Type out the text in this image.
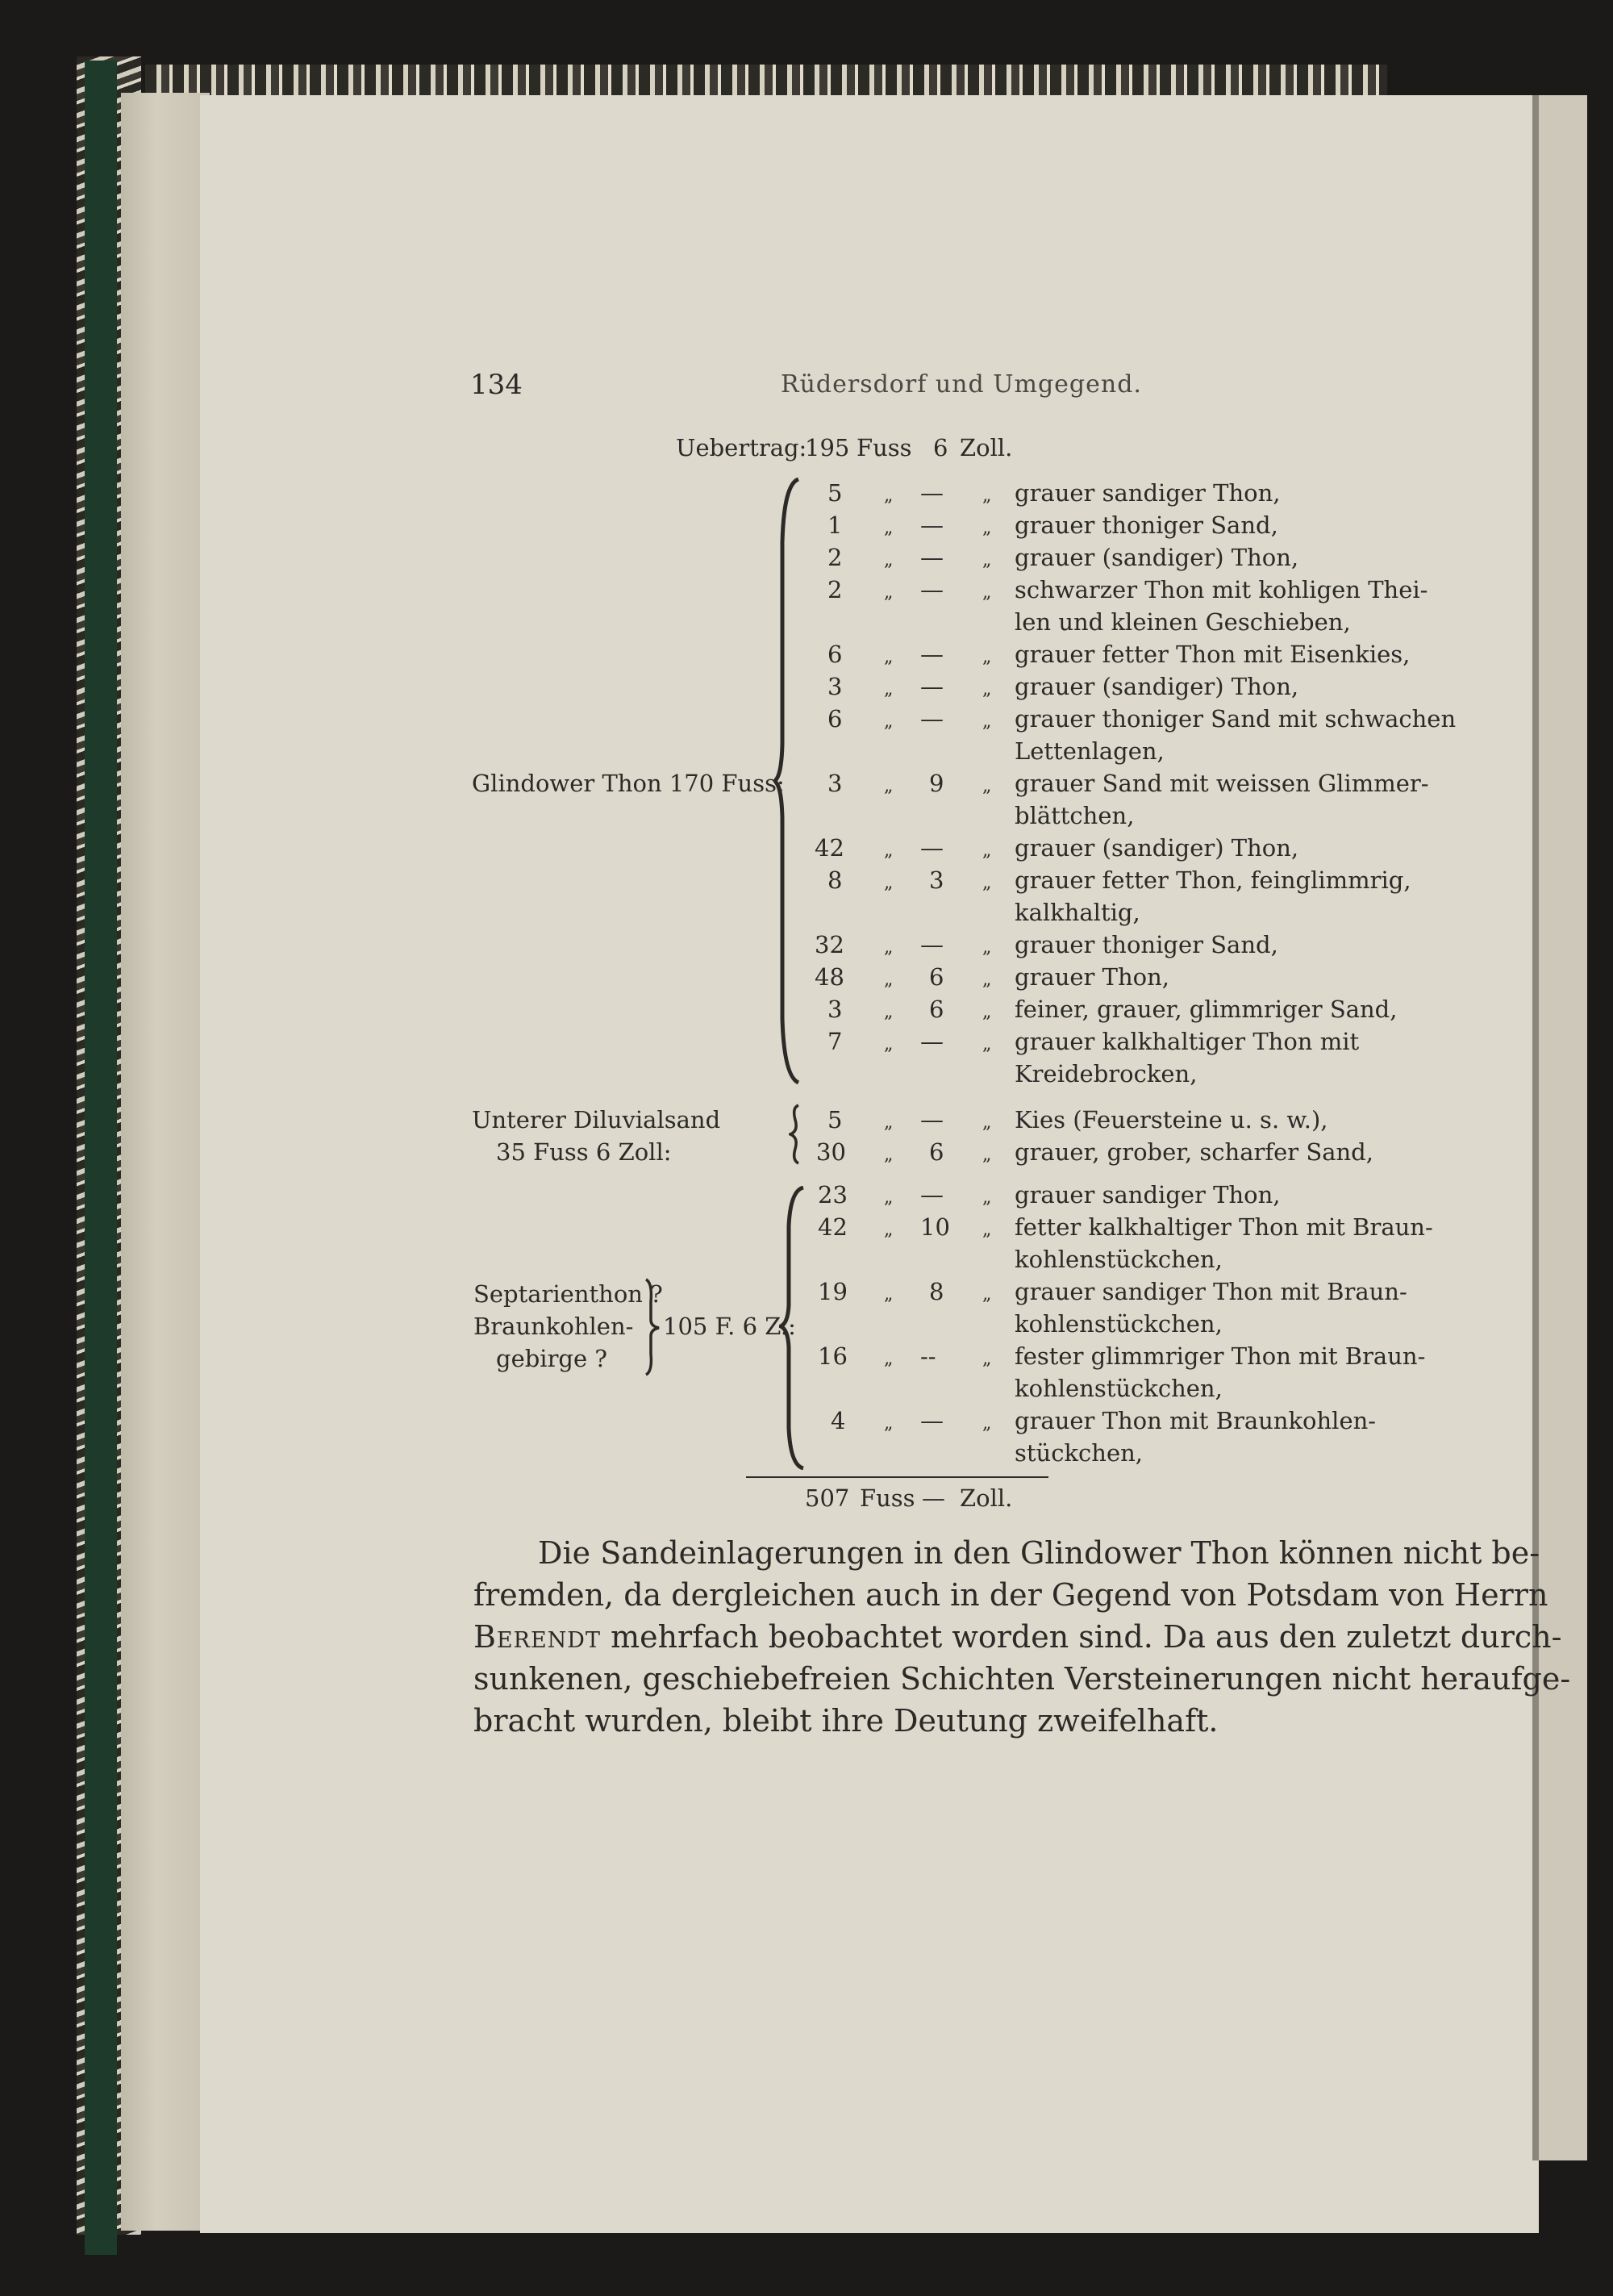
134	Rüdersdorf und Umgegend.
Uebertrag:
195 Fuss 6 Zoll.
Glindower Thon 170 Fuss:
Unterer Diluvialsand
35 Fuss 6 Zoll:
Septarienthon ?
Braunkohlen-
gebirge ?
105 F. 6 Z.:
5 „ — „ grauer sandiger Thon,
1 „ — „ grauer thoniger Sand,
2 „ — „ grauer (sandiger) Thon,
2 „ — „ schwarzer Thon mit kohligen Thei-
len und kleinen Geschieben,
6 „ — „ grauer fetter Thon mit Eisenkies,
3 „ — „ grauer (sandiger) Thon,
6 „ — „ grauer thoniger Sand mit schwachen
Lettenlagen,
3 „ 9 „ grauer Sand mit weissen Glimmer-
blättchen,
42 „ — „ grauer (sandiger) Thon,
8 „ 3 „ grauer fetter Thon, feinglimmrig,
kalkhaltig,
32 „ — „ grauer thoniger Sand,
48 „ 6 „ grauer Thon,
3 „ 6 „ feiner, grauer, glimmriger Sand,
7 „ — „ grauer kalkhaltiger Thon mit
Kreidebrocken,
5 „ — „ Kies (Feuersteine u. s. w.),
30 „ 6 „ grauer, grober, scharfer Sand,
23 „ — „ grauer sandiger Thon,
42 „ 10 „ fetter kalkhaltiger Thon mit Braun-
kohlenstückchen,
19 „ 8 „ grauer sandiger Thon mit Braun-
kohlenstückchen,
16 „ --	„ fester glimmriger Thon mit Braun-
kohlenstückchen,
4 „ — „ grauer Thon mit Braunkohlen-
stückchen,
507 Fuss — Zoll.
Die Sandeinlagerungen in den Glindower Thon können nicht be-
fremden, da dergleichen auch in der Gegend von Potsdam von Herrn
Berendt mehrfach beobachtet worden sind. Da aus den zuletzt durch-
sunkenen, geschiebefreien Schichten Versteinerungen nicht heraufge-
bracht wurden, bleibt ihre Deutung zweifelhaft.
